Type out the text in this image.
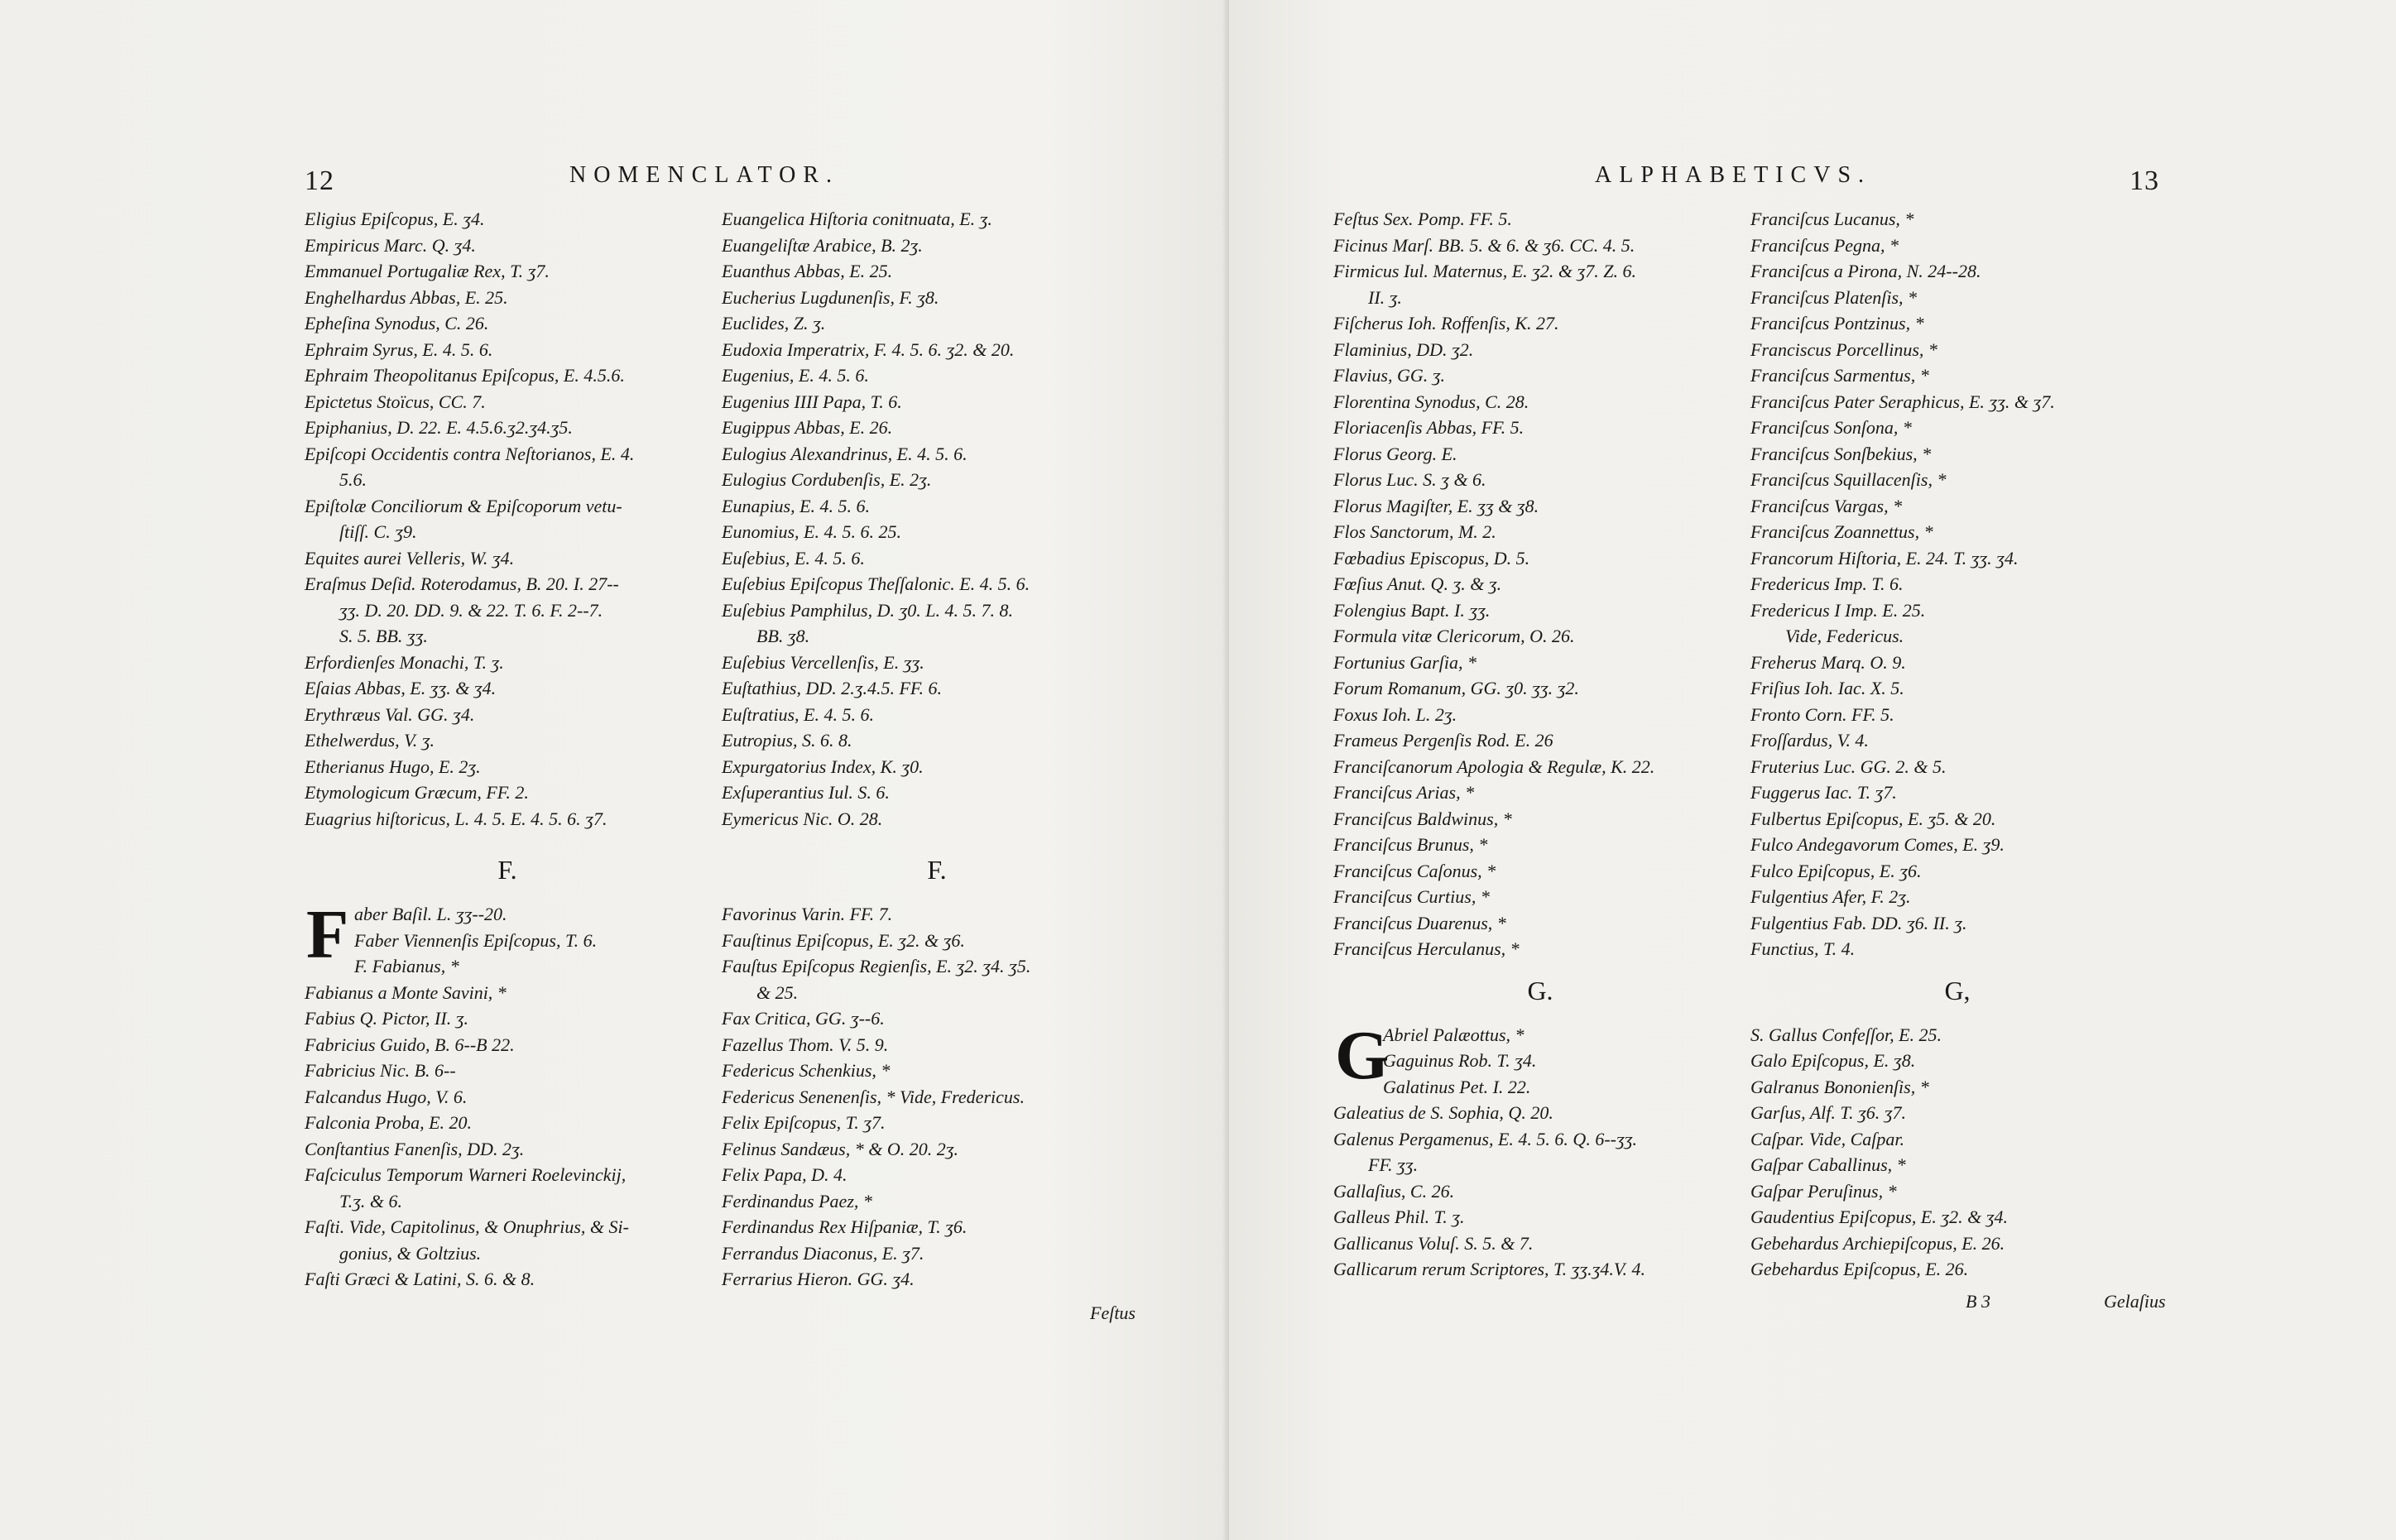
12	NOMENCLATOR.
Eligius Epiſcopus, E. ʒ4.
Empiricus Marc. Q. ʒ4.
Emmanuel Portugaliæ Rex, T. ʒ7.
Enghelhardus Abbas, E. 25.
Epheſina Synodus, C. 26.
Ephraim Syrus, E. 4. 5. 6.
Ephraim Theopolitanus Epiſcopus, E. 4.5.6.
Epictetus Stoïcus, CC. 7.
Epiphanius, D. 22. E. 4.5.6.ʒ2.ʒ4.ʒ5.
Epiſcopi Occidentis contra Neſtorianos, E. 4.
5.6.
Epiſtolæ Conciliorum & Epiſcoporum vetu-
ſtiſſ. C. ʒ9.
Equites aurei Velleris, W. ʒ4.
Eraſmus Deſid. Roterodamus, B. 20. I. 27--
ʒʒ. D. 20. DD. 9. & 22. T. 6. F. 2--7.
S. 5. BB. ʒʒ.
Erfordienſes Monachi, T. ʒ.
Eſaias Abbas, E. ʒʒ. & ʒ4.
Erythræus Val. GG. ʒ4.
Ethelwerdus, V. ʒ.
Etherianus Hugo, E. 2ʒ.
Etymologicum Græcum, FF. 2.
Euagrius hiſtoricus, L. 4. 5. E. 4. 5. 6. ʒ7.
F.
F aber Baſil. L. ʒʒ--20.
Faber Viennenſis Epiſcopus, T. 6.
F. Fabianus, *
Fabianus a Monte Savini, *
Fabius Q. Pictor, II. ʒ.
Fabricius Guido, B. 6--B 22.
Fabricius Nic. B. 6--
Falcandus Hugo, V. 6.
Falconia Proba, E. 20.
Conſtantius Fanenſis, DD. 2ʒ.
Faſciculus Temporum Warneri Roelevinckij,
T.ʒ. & 6.
Faſti. Vide, Capitolinus, & Onuphrius, & Si-
gonius, & Goltzius.
Faſti Græci & Latini, S. 6. & 8.
Euangelica Hiſtoria conitnuata, E. ʒ.
Euangeliſtæ Arabice, B. 2ʒ.
Euanthus Abbas, E. 25.
Eucherius Lugdunenſis, F. ʒ8.
Euclides, Z. ʒ.
Eudoxia Imperatrix, F. 4. 5. 6. ʒ2. & 20.
Eugenius, E. 4. 5. 6.
Eugenius IIII Papa, T. 6.
Eugippus Abbas, E. 26.
Eulogius Alexandrinus, E. 4. 5. 6.
Eulogius Cordubenſis, E. 2ʒ.
Eunapius, E. 4. 5. 6.
Eunomius, E. 4. 5. 6. 25.
Euſebius, E. 4. 5. 6.
Euſebius Epiſcopus Theſſalonic. E. 4. 5. 6.
Euſebius Pamphilus, D. ʒ0. L. 4. 5. 7. 8.
BB. ʒ8.
Euſebius Vercellenſis, E. ʒʒ.
Euſtathius, DD. 2.ʒ.4.5. FF. 6.
Euſtratius, E. 4. 5. 6.
Eutropius, S. 6. 8.
Expurgatorius Index, K. ʒ0.
Exſuperantius Iul. S. 6.
Eymericus Nic. O. 28.
F.
Favorinus Varin. FF. 7.
Fauſtinus Epiſcopus, E. ʒ2. & ʒ6.
Fauſtus Epiſcopus Regienſis, E. ʒ2. ʒ4. ʒ5.
& 25.
Fax Critica, GG. ʒ--6.
Fazellus Thom. V. 5. 9.
Federicus Schenkius, *
Federicus Senenenſis, * Vide, Fredericus.
Felix Epiſcopus, T. ʒ7.
Felinus Sandæus, * & O. 20. 2ʒ.
Felix Papa, D. 4.
Ferdinandus Paez, *
Ferdinandus Rex Hiſpaniæ, T. ʒ6.
Ferrandus Diaconus, E. ʒ7.
Ferrarius Hieron. GG. ʒ4.
Feſtus
ALPHABETICVS.	13
Feſtus Sex. Pomp. FF. 5.
Ficinus Marſ. BB. 5. & 6. & ʒ6. CC. 4. 5.
Firmicus Iul. Maternus, E. ʒ2. & ʒ7. Z. 6.
II. ʒ.
Fiſcherus Ioh. Roffenſis, K. 27.
Flaminius, DD. ʒ2.
Flavius, GG. ʒ.
Florentina Synodus, C. 28.
Floriacenſis Abbas, FF. 5.
Florus Georg. E.
Florus Luc. S. ʒ & 6.
Florus Magiſter, E. ʒʒ & ʒ8.
Flos Sanctorum, M. 2.
Fœbadius Episcopus, D. 5.
Fœſius Anut. Q. ʒ. & ʒ.
Folengius Bapt. I. ʒʒ.
Formula vitæ Clericorum, O. 26.
Fortunius Garſia, *
Forum Romanum, GG. ʒ0. ʒʒ. ʒ2.
Foxus Ioh. L. 2ʒ.
Frameus Pergenſis Rod. E. 26
Franciſcanorum Apologia & Regulæ, K. 22.
Franciſcus Arias, *
Franciſcus Baldwinus, *
Franciſcus Brunus, *
Franciſcus Caſonus, *
Franciſcus Curtius, *
Franciſcus Duarenus, *
Franciſcus Herculanus, *
G.
G
Abriel Palæottus, *
Gaguinus Rob. T. ʒ4.
Galatinus Pet. I. 22.
Galeatius de S. Sophia, Q. 20.
Galenus Pergamenus, E. 4. 5. 6. Q. 6--ʒʒ.
FF. ʒʒ.
Gallaſius, C. 26.
Galleus Phil. T. ʒ.
Gallicanus Voluſ. S. 5. & 7.
Gallicarum rerum Scriptores, T. ʒʒ.ʒ4.V. 4.
Franciſcus Lucanus, *
Franciſcus Pegna, *
Franciſcus a Pirona, N. 24--28.
Franciſcus Platenſis, *
Franciſcus Pontzinus, *
Franciscus Porcellinus, *
Franciſcus Sarmentus, *
Franciſcus Pater Seraphicus, E. ʒʒ. & ʒ7.
Franciſcus Sonſona, *
Franciſcus Sonſbekius, *
Franciſcus Squillacenſis, *
Franciſcus Vargas, *
Franciſcus Zoannettus, *
Francorum Hiſtoria, E. 24. T. ʒʒ. ʒ4.
Fredericus Imp. T. 6.
Fredericus I Imp. E. 25.
Vide, Federicus.
Freherus Marq. O. 9.
Friſius Ioh. Iac. X. 5.
Fronto Corn. FF. 5.
Froſſardus, V. 4.
Fruterius Luc. GG. 2. & 5.
Fuggerus Iac. T. ʒ7.
Fulbertus Epiſcopus, E. ʒ5. & 20.
Fulco Andegavorum Comes, E. ʒ9.
Fulco Epiſcopus, E. ʒ6.
Fulgentius Afer, F. 2ʒ.
Fulgentius Fab. DD. ʒ6. II. ʒ.
Functius, T. 4.
G,
S. Gallus Confeſſor, E. 25.
Galo Epiſcopus, E. ʒ8.
Galranus Bononienſis, *
Garſus, Alf. T. ʒ6. ʒ7.
Caſpar. Vide, Caſpar.
Gaſpar Caballinus, *
Gaſpar Peruſinus, *
Gaudentius Epiſcopus, E. ʒ2. & ʒ4.
Gebehardus Archiepiſcopus, E. 26.
Gebehardus Epiſcopus, E. 26.
B 3	Gelaſius
